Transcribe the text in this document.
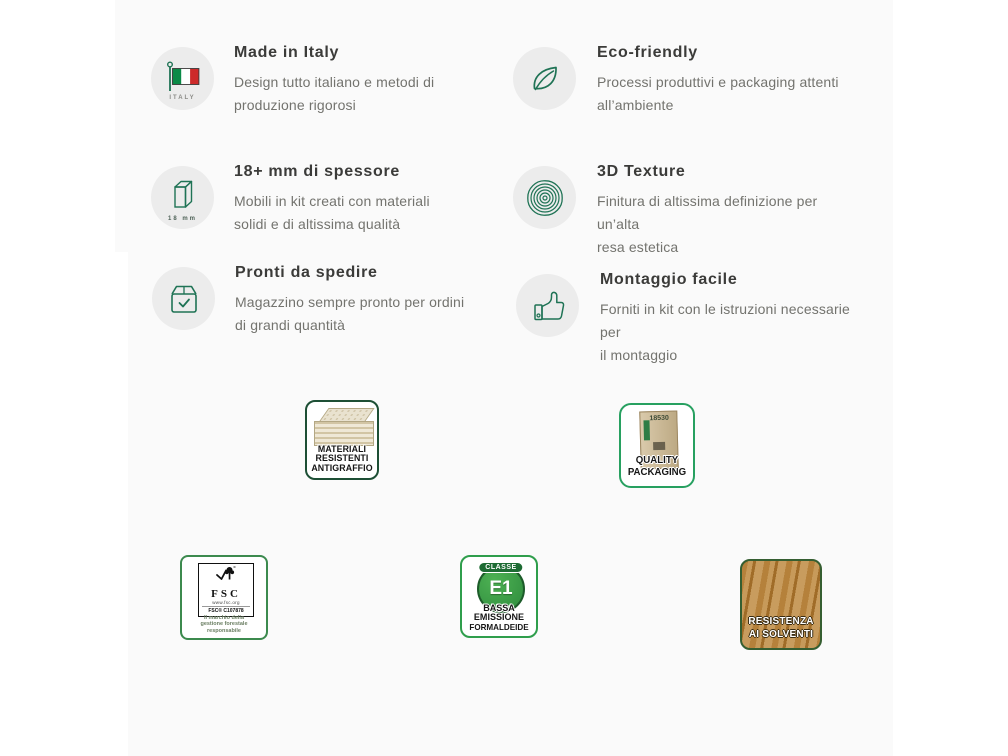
ITALY
Made in Italy

Design tutto italiano e metodi di
produzione rigorosi

Eco-friendly

Processi produttivi e packaging attenti
all’ambiente

18 mm
18+ mm di spessore

Mobili in kit creati con materiali
solidi e di altissima qualità

3D Texture

Finitura di altissima definizione per un’alta
resa estetica

Pronti da spedire

Magazzino sempre pronto per ordini
di grandi quantità

Montaggio facile

Forniti in kit con le istruzioni necessarie per
il montaggio

MATERIALI
RESISTENTI
ANTIGRAFFIO
18530
QUALITY
PACKAGING
FSC
www.fsc.org
FSC® C107878
Il marchio della
gestione forestale
responsabile
CLASSE
E1
BASSA
EMISSIONE
FORMALDEIDE	RESISTENZA
AI SOLVENTI
